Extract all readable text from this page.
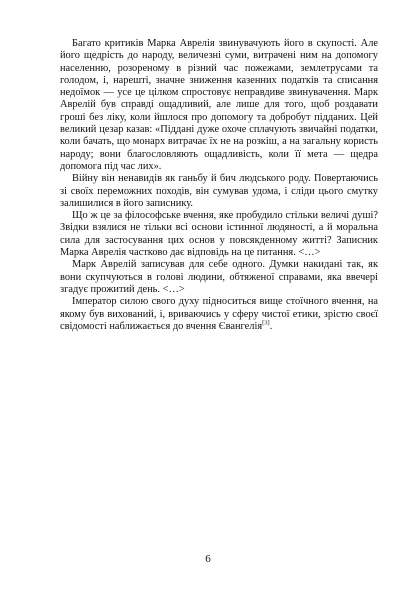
Багато критиків Марка Аврелія звинувачують його в скупості. Але його щедрість до народу, величезні суми, витрачені ним на допомогу населенню, розореному в різний час пожежами, землетрусами та голодом, і, нарешті, значне зниження казенних податків та списання недоїмок — усе це цілком спростовує неправдиве звинувачення. Марк Аврелій був справді ощадливий, але лише для того, щоб роздавати гроші без ліку, коли йшлося про допомогу та добробут підданих. Цей великий цезар казав: «Піддані дуже охоче сплачують звичайні податки, коли бачать, що монарх витрачає їх не на розкіш, а на загальну користь народу; вони благословляють ощадливість, коли її мета — щедра допомога під час лих».

Війну він ненавидів як ганьбу й бич людського роду. Повертаючись зі своїх переможних походів, він сумував удома, і сліди цього смутку залишилися в його записнику.

Що ж це за філософське вчення, яке пробудило стільки величі душі? Звідки взялися не тільки всі основи істинної людяності, а й моральна сила для застосування цих основ у повсякденному житті? Записник Марка Аврелія частково дає відповідь на це питання. <…>

Марк Аврелій записував для себе одного. Думки накидані так, як вони скупчуються в голові людини, обтяженої справами, яка ввечері згадує прожитий день. <…>

Імператор силою свого духу підноситься вище стоїчного вчення, на якому був вихований, і, вриваючись у сферу чистої етики, зрістю своєї свідомості наближається до вчення Євангелія[3].

6
